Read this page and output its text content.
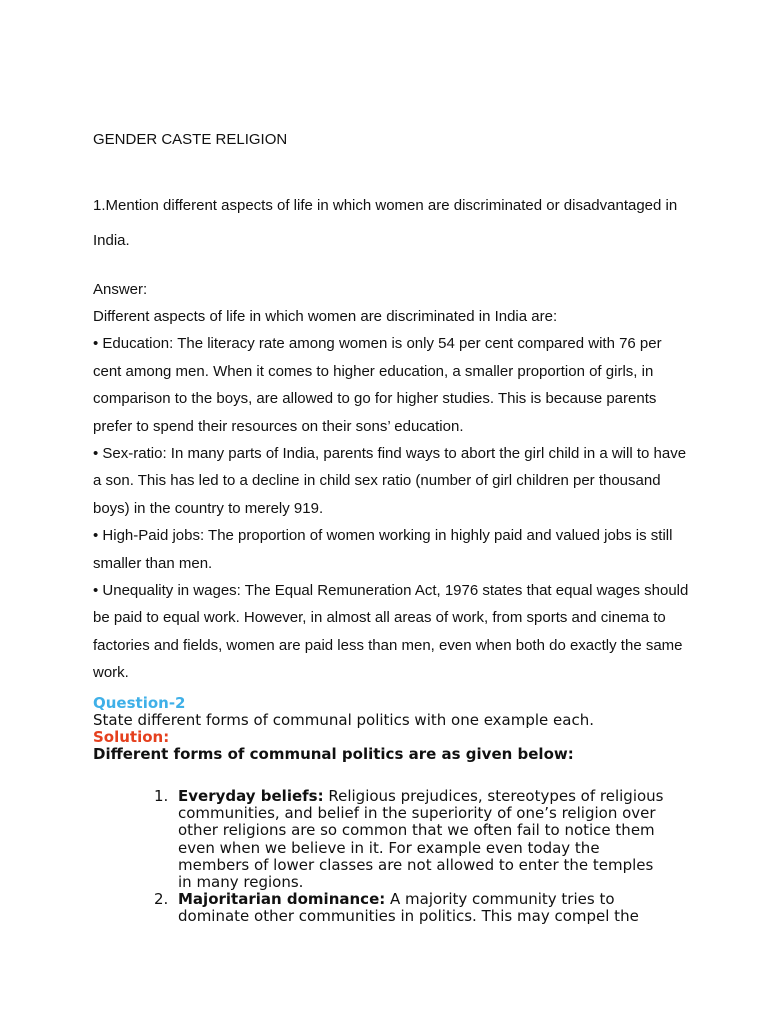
GENDER CASTE RELIGION

1.Mention different aspects of life in which women are discriminated or disadvantaged in India.

Answer:
Different aspects of life in which women are discriminated in India are:
• Education: The literacy rate among women is only 54 per cent compared with 76 per cent among men. When it comes to higher education, a smaller proportion of girls, in comparison to the boys, are allowed to go for higher studies. This is because parents prefer to spend their resources on their sons’ education.
• Sex-ratio: In many parts of India, parents find ways to abort the girl child in a will to have a son. This has led to a decline in child sex ratio (number of girl children per thousand boys) in the country to merely 919.
• High-Paid jobs: The proportion of women working in highly paid and valued jobs is still smaller than men.
• Unequality in wages: The Equal Remuneration Act, 1976 states that equal wages should be paid to equal work. However, in almost all areas of work, from sports and cinema to factories and fields, women are paid less than men, even when both do exactly the same work.
Question-2
State different forms of communal politics with one example each.
Solution:
Different forms of communal politics are as given below:
1. Everyday beliefs: Religious prejudices, stereotypes of religious communities, and belief in the superiority of one’s religion over other religions are so common that we often fail to notice them even when we believe in it. For example even today the members of lower classes are not allowed to enter the temples in many regions.
2. Majoritarian dominance: A majority community tries to dominate other communities in politics. This may compel the
